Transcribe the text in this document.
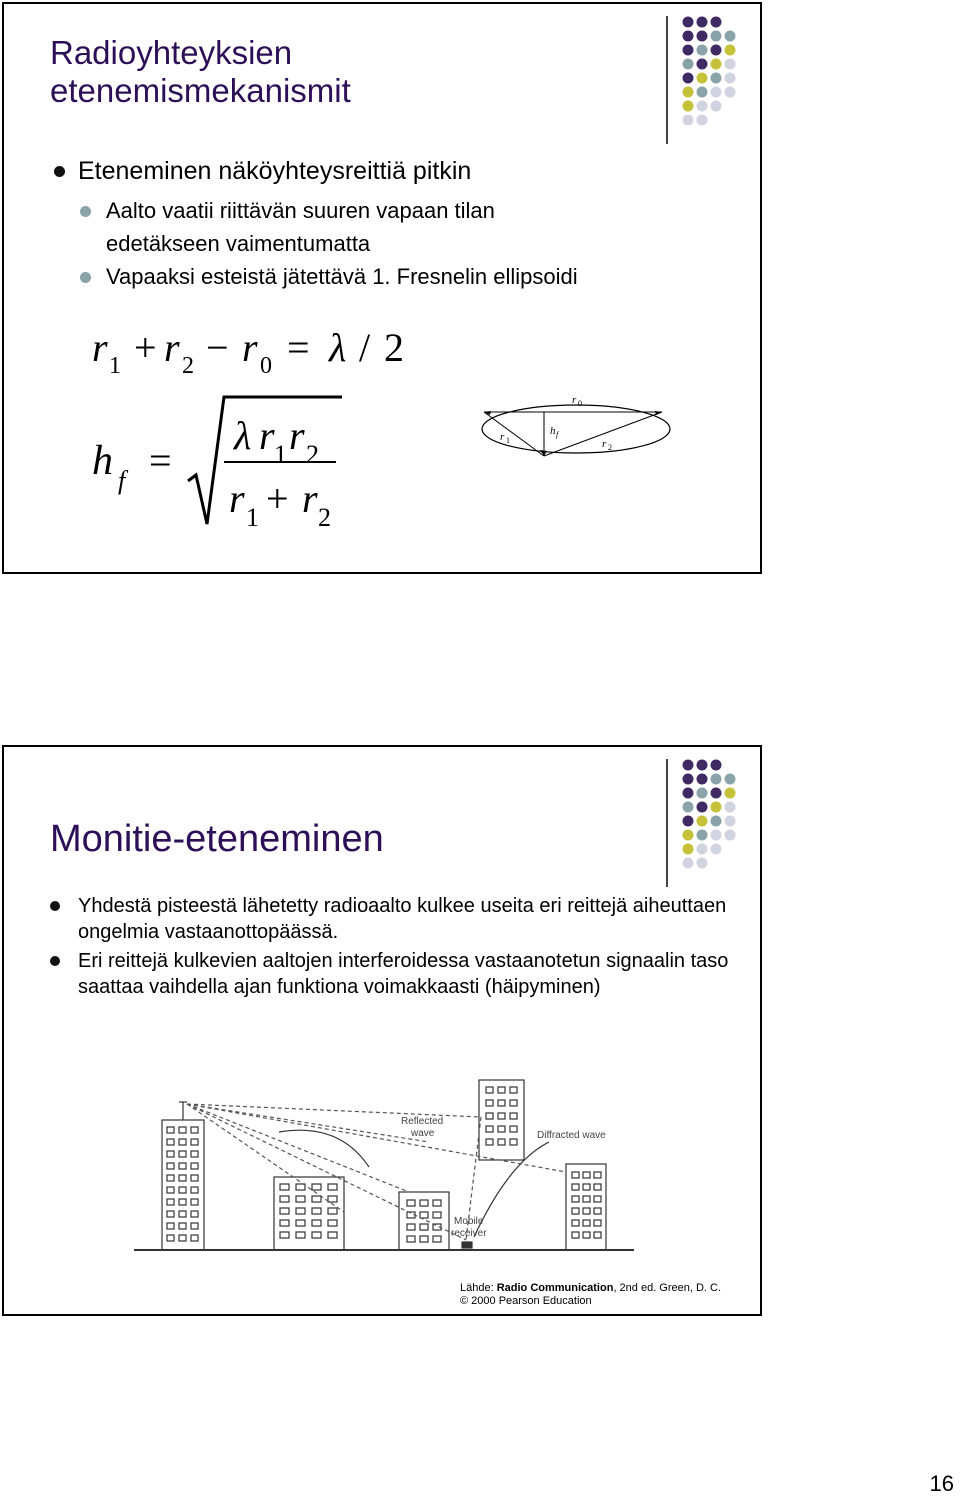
Radioyhteyksien
etenemismekanismit
Eteneminen näköyhteysreittiä pitkin
Aalto vaatii riittävän suuren vapaan tilan
edetäkseen vaimentumatta
Vapaaksi esteistä jätettävä 1. Fresnelin ellipsoidi
r 1 + r 2 − r 0 = λ / 2
h f =
λ r 1 r 2
r 1 + r 2
r 0
r 1	r 2
h f
Monitie-eteneminen
Yhdestä pisteestä lähetetty radioaalto kulkee useita eri reittejä aiheuttaen ongelmia vastaanottopäässä.
Eri reittejä kulkevien aaltojen interferoidessa vastaanotetun signaalin taso saattaa vaihdella ajan funktiona voimakkaasti (häipyminen)
Reflected
wave	Diffracted wave
Mobile
receiver
Lähde: Radio Communication, 2nd ed. Green, D. C.
© 2000 Pearson Education
16
